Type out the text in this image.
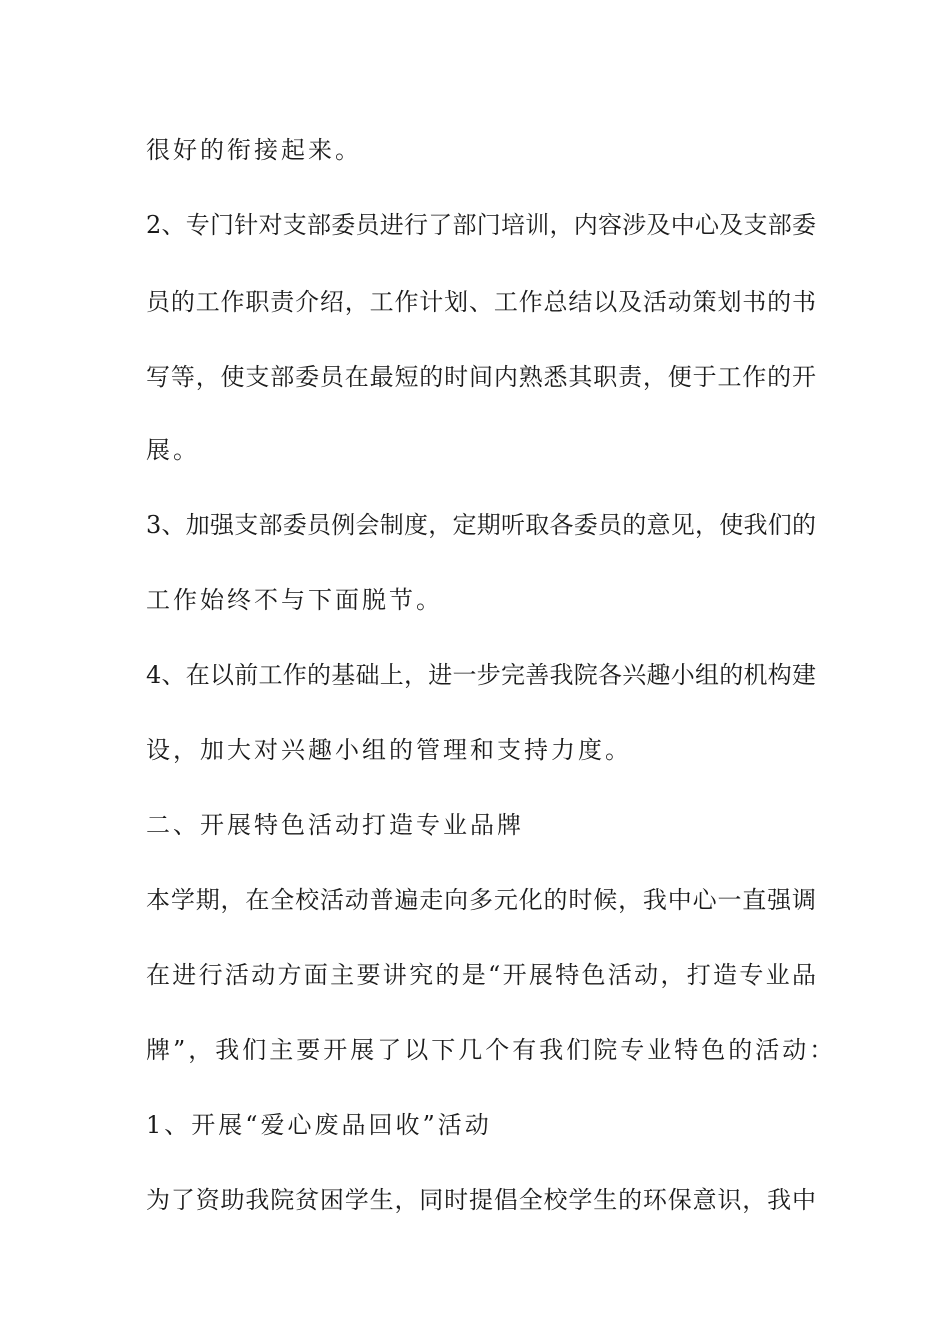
很好的衔接起来。
2、专门针对支部委员进行了部门培训，内容涉及中心及支部委
员的工作职责介绍，工作计划、工作总结以及活动策划书的书
写等，使支部委员在最短的时间内熟悉其职责，便于工作的开
展。
3、加强支部委员例会制度，定期听取各委员的意见，使我们的
工作始终不与下面脱节。
4、在以前工作的基础上，进一步完善我院各兴趣小组的机构建
设，加大对兴趣小组的管理和支持力度。
二、开展特色活动打造专业品牌
本学期，在全校活动普遍走向多元化的时候，我中心一直强调
在进行活动方面主要讲究的是“开展特色活动，打造专业品
牌”，我们主要开展了以下几个有我们院专业特色的活动：
1、开展“爱心废品回收”活动
为了资助我院贫困学生，同时提倡全校学生的环保意识，我中
